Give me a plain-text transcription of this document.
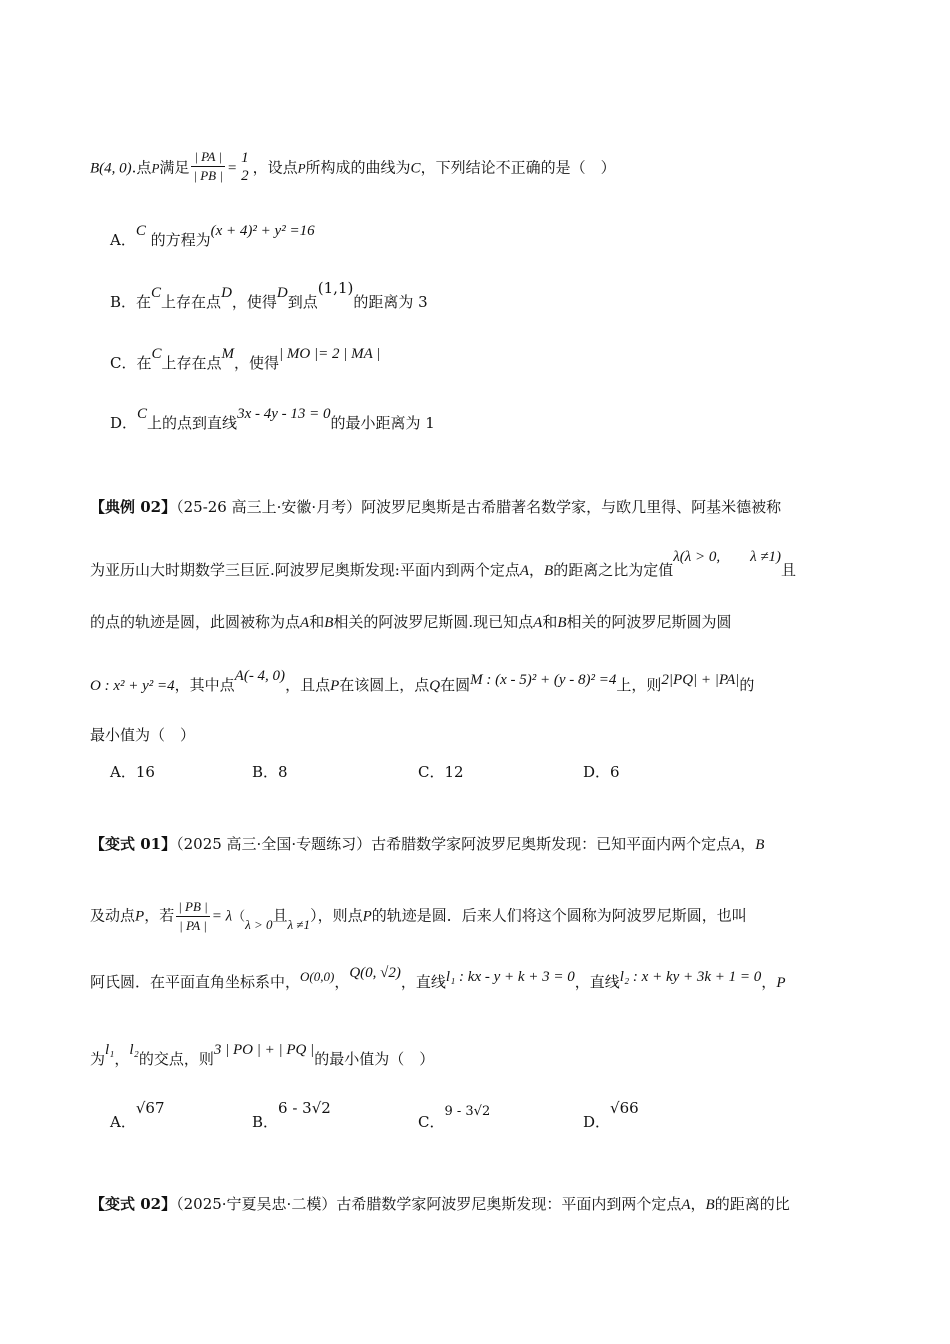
B(4, 0).点P满足 $\frac{| PA |}{| PB |}$ =
1
2 ，设点P所构成的曲线为C，下列结论不正确的是（　）
A．C 的方程为(x + 4)² + y² =16
B．在C上存在点D，使得D到点(1,1)的距离为 3
C．在C上存在点M，使得| MO |= 2 | MA |
D．C上的点到直线3x - 4y - 13 = 0的最小距离为 1
【典例 02】（25-26 高三上·安徽·月考）阿波罗尼奥斯是古希腊著名数学家，与欧几里得、阿基米德被称
为亚历山大时期数学三巨匠.阿波罗尼奥斯发现:平面内到两个定点A，B的距离之比为定值λ(λ > 0,　　λ ≠1)且
的点的轨迹是圆，此圆被称为点A和B相关的阿波罗尼斯圆.现已知点A和B相关的阿波罗尼斯圆为圆
O : x² + y² =4，其中点A(- 4, 0)，且点P在该圆上，点Q在圆M : (x - 5)² + (y - 8)² =4上，则2|PQ| + |PA|的
最小值为（　）
A．16	B．8	C．12	D．6
【变式 01】（2025 高三·全国·专题练习）古希腊数学家阿波罗尼奥斯发现：已知平面内两个定点A，B
及动点P，若 $\frac{| PB |}{| PA |} = \lambda(\lambda > 0$且λ ≠1），则点P的轨迹是圆．后来人们将这个圆称为阿波罗尼斯圆，也叫
阿氏圆．在平面直角坐标系中，O(0,0)，Q(0, √2)，直线l₁ : kx - y + k + 3 = 0，直线l₂ : x + ky + 3k + 1 = 0，P
为l₁，l₂的交点，则3 | PO | + | PQ |的最小值为（　）
A．√67
B．6 - 3√2
C．9 - 3√2
D．√66
【变式 02】（2025·宁夏吴忠·二模）古希腊数学家阿波罗尼奥斯发现：平面内到两个定点A，B的距离的比
